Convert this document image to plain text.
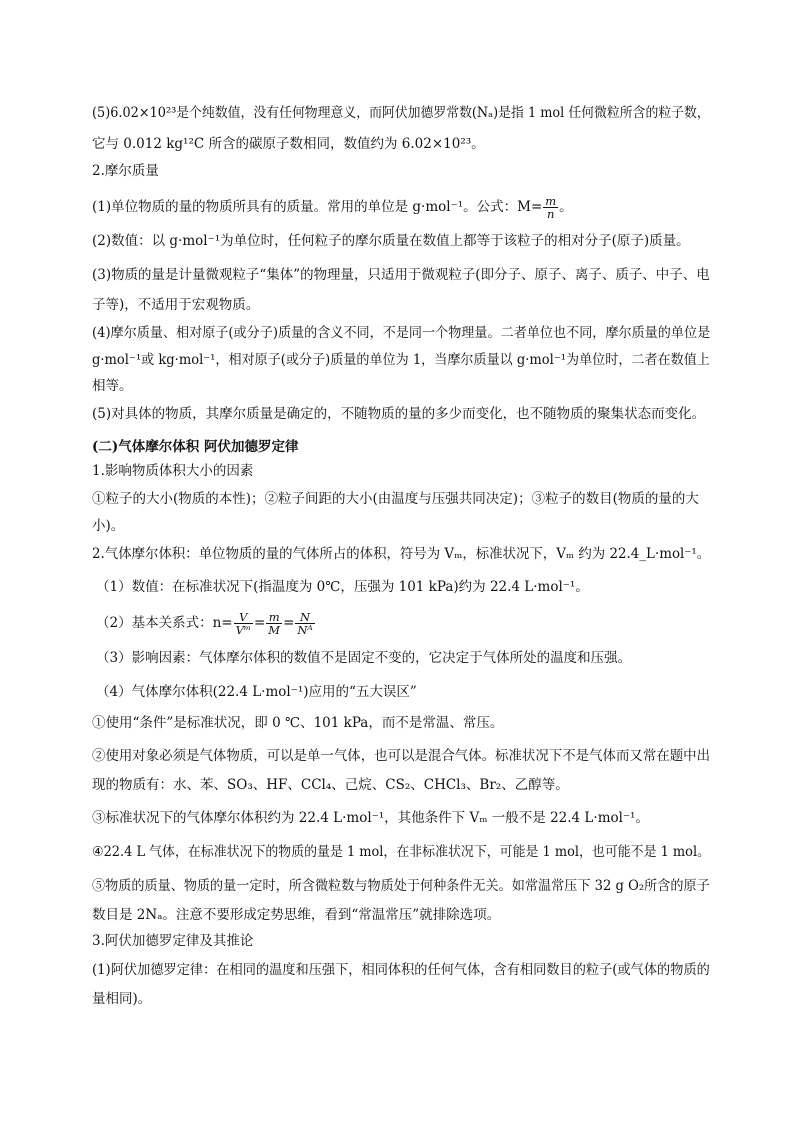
(5)6.02×10²³是个纯数值，没有任何物理意义，而阿伏加德罗常数(Nₐ)是指 1 mol 任何微粒所含的粒子数，
它与 0.012 kg¹²C 所含的碳原子数相同，数值约为 6.02×10²³。
2.摩尔质量
(1)单位物质的量的物质所具有的质量。常用的单位是 g·mol⁻¹。公式：$M= \frac{m}{n}$ 。
(2)数值：以 g·mol⁻¹为单位时，任何粒子的摩尔质量在数值上都等于该粒子的相对分子(原子)质量。
(3)物质的量是计量微观粒子“集体”的物理量，只适用于微观粒子(即分子、原子、离子、质子、中子、电
子等)，不适用于宏观物质。
(4)摩尔质量、相对原子(或分子)质量的含义不同，不是同一个物理量。二者单位也不同，摩尔质量的单位是
g·mol⁻¹或 kg·mol⁻¹，相对原子(或分子)质量的单位为 1，当摩尔质量以 g·mol⁻¹为单位时，二者在数值上
相等。
(5)对具体的物质，其摩尔质量是确定的，不随物质的量的多少而变化，也不随物质的聚集状态而变化。
(二)气体摩尔体积 阿伏加德罗定律
1.影响物质体积大小的因素
①粒子的大小(物质的本性)；②粒子间距的大小(由温度与压强共同决定)；③粒子的数目(物质的量的大
小)。
2.气体摩尔体积：单位物质的量的气体所占的体积，符号为 Vₘ，标准状况下，Vₘ 约为 22.4_L·mol⁻¹。
（1）数值：在标准状况下(指温度为 0℃，压强为 101 kPa)约为 22.4 L·mol⁻¹。
（2）基本关系式：$n= \frac{V}{\text{Vᵐ}} = \frac{m}{M} = \frac{N}{\text{Nᴬ}}$
（3）影响因素：气体摩尔体积的数值不是固定不变的，它决定于气体所处的温度和压强。
（4）气体摩尔体积(22.4 L·mol⁻¹)应用的“五大误区”
①使用“条件”是标准状况，即 0 ℃、101 kPa，而不是常温、常压。
②使用对象必须是气体物质，可以是单一气体，也可以是混合气体。标准状况下不是气体而又常在题中出
现的物质有：水、苯、SO₃、HF、CCl₄、己烷、CS₂、CHCl₃、Br₂、乙醇等。
③标准状况下的气体摩尔体积约为 22.4 L·mol⁻¹，其他条件下 Vₘ 一般不是 22.4 L·mol⁻¹。
④22.4 L 气体，在标准状况下的物质的量是 1 mol，在非标准状况下，可能是 1 mol，也可能不是 1 mol。
⑤物质的质量、物质的量一定时，所含微粒数与物质处于何种条件无关。如常温常压下 32 g O₂所含的原子
数目是 2Nₐ。注意不要形成定势思维，看到“常温常压”就排除选项。
3.阿伏加德罗定律及其推论
(1)阿伏加德罗定律：在相同的温度和压强下，相同体积的任何气体，含有相同数目的粒子(或气体的物质的
量相同)。
